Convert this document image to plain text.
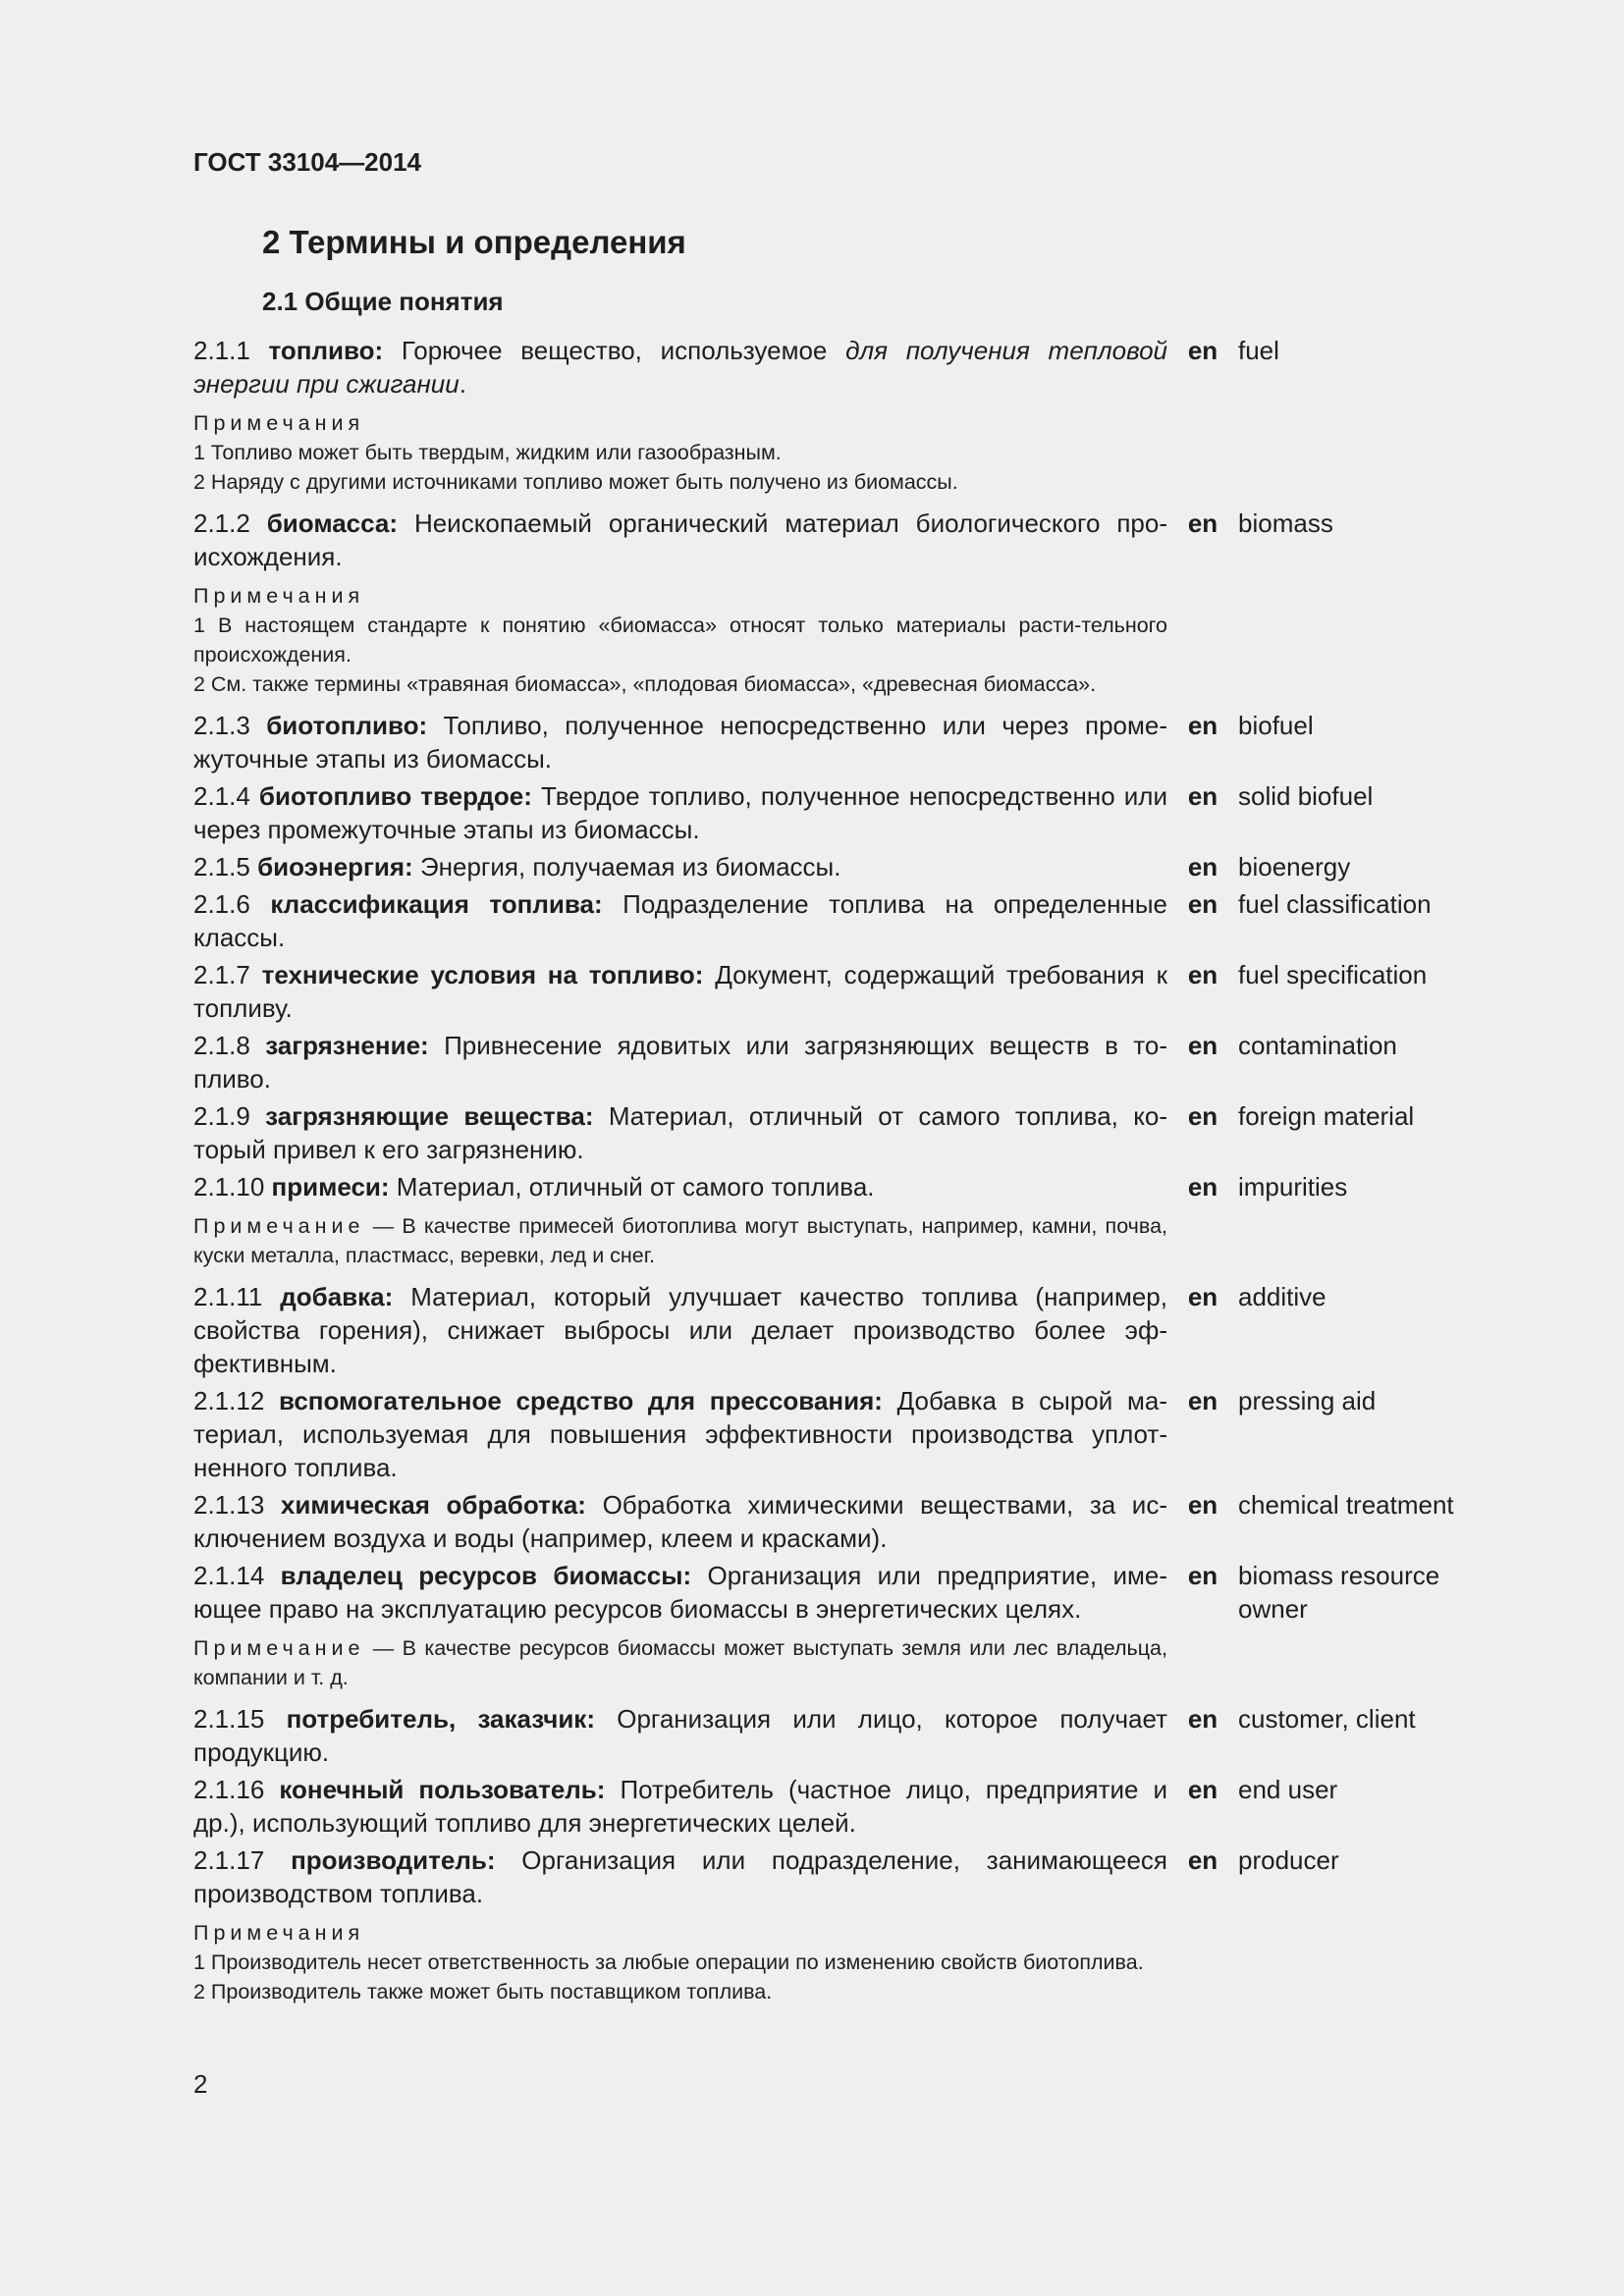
ГОСТ 33104—2014
2 Термины и определения
2.1 Общие понятия
2.1.1 топливо: Горючее вещество, используемое для получения тепловой энергии при сжигании.
en fuel
Примечания
1 Топливо может быть твердым, жидким или газообразным.
2 Наряду с другими источниками топливо может быть получено из биомассы.
2.1.2 биомасса: Неископаемый органический материал биологического про-исхождения.
en biomass
Примечания
1 В настоящем стандарте к понятию «биомасса» относят только материалы расти-тельного происхождения.
2 См. также термины «травяная биомасса», «плодовая биомасса», «древесная биомасса».
2.1.3 биотопливо: Топливо, полученное непосредственно или через проме-жуточные этапы из биомассы.
en biofuel
2.1.4 биотопливо твердое: Твердое топливо, полученное непосредственно или через промежуточные этапы из биомассы.
en solid biofuel
2.1.5 биоэнергия: Энергия, получаемая из биомассы.	en bioenergy
2.1.6 классификация топлива: Подразделение топлива на определенные классы.
en fuel classification
2.1.7 технические условия на топливо: Документ, содержащий требования к топливу.
en fuel specification
2.1.8 загрязнение: Привнесение ядовитых или загрязняющих веществ в то-пливо.
en contamination
2.1.9 загрязняющие вещества: Материал, отличный от самого топлива, ко-торый привел к его загрязнению.
en foreign material
2.1.10 примеси: Материал, отличный от самого топлива.	en impurities
Примечание — В качестве примесей биотоплива могут выступать, например, камни, почва, куски металла, пластмасс, веревки, лед и снег.
2.1.11 добавка: Материал, который улучшает качество топлива (например, свойства горения), снижает выбросы или делает производство более эф-фективным.
en additive
2.1.12 вспомогательное средство для прессования: Добавка в сырой ма-териал, используемая для повышения эффективности производства уплот-ненного топлива.
en pressing aid
2.1.13 химическая обработка: Обработка химическими веществами, за ис-ключением воздуха и воды (например, клеем и красками).
en chemical treatment
2.1.14 владелец ресурсов биомассы: Организация или предприятие, име-ющее право на эксплуатацию ресурсов биомассы в энергетических целях.
en biomass resource owner
Примечание — В качестве ресурсов биомассы может выступать земля или лес владельца, компании и т. д.
2.1.15 потребитель, заказчик: Организация или лицо, которое получает продукцию.
en customer, client
2.1.16 конечный пользователь: Потребитель (частное лицо, предприятие и др.), использующий топливо для энергетических целей.
en end user
2.1.17 производитель: Организация или подразделение, занимающееся производством топлива.
en producer
Примечания
1 Производитель несет ответственность за любые операции по изменению свойств биотоплива.
2 Производитель также может быть поставщиком топлива.
2
